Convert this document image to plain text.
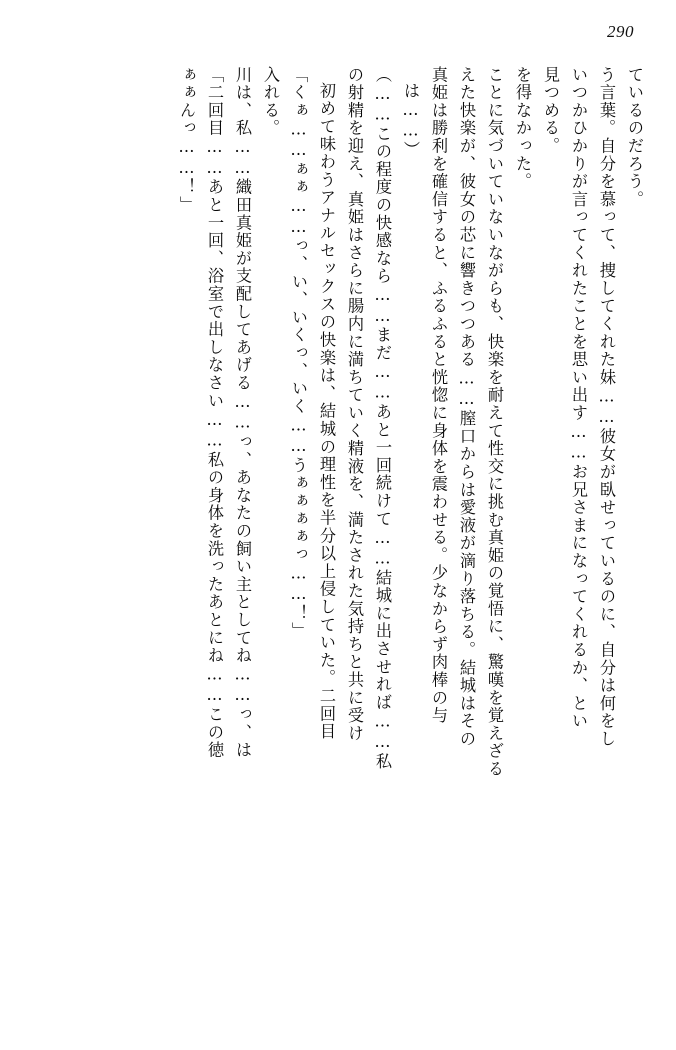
290
ているのだろう。
う言葉。自分を慕って、捜してくれた妹……彼女が臥せっているのに、自分は何をし
いつかひかりが言ってくれたことを思い出す……お兄さまになってくれるか、とい
見つめる。
を得なかった。
ことに気づいていないながらも、快楽を耐えて性交に挑む真姫の覚悟に、驚嘆を覚えざる
えた快楽が、彼女の芯に響きつつある……膣口からは愛液が滴り落ちる。結城はその
真姫は勝利を確信すると、ふるふると恍惚に身体を震わせる。少なからず肉棒の与
は……）
（……この程度の快感なら……まだ……あと一回続けて……結城に出させれば……私
の射精を迎え、真姫はさらに腸内に満ちていく精液を、満たされた気持ちと共に受け
初めて味わうアナルセックスの快楽は、結城の理性を半分以上侵していた。二回目
「くぁ……ぁぁ……っ、い、いくっ、いく……うぁぁぁぁっ……！」
入れる。
川は、私……織田真姫が支配してあげる……っ、あなたの飼い主としてね……っ、は
「二回目……あと一回、浴室で出しなさい……私の身体を洗ったあとにね……この徳
ぁぁんっ……！」
